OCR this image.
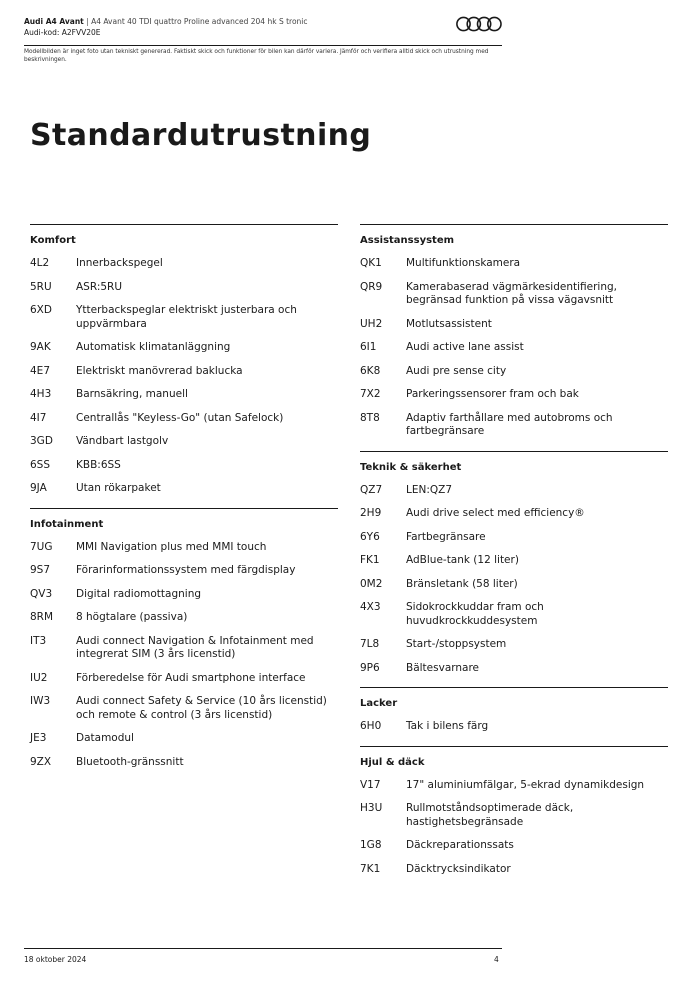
Audi A4 Avant | A4 Avant 40 TDI quattro Proline advanced 204 hk S tronic
Audi-kod: A2FVV20E
Modellbilden är inget foto utan tekniskt genererad. Faktiskt skick och funktioner för bilen kan därför variera. Jämför och verifiera alltid skick och utrustning med beskrivningen.
Standardutrustning
Komfort
4L2	Innerbackspegel
5RU	ASR:5RU
6XD	Ytterbackspeglar elektriskt justerbara och uppvärmbara
9AK	Automatisk klimatanläggning
4E7	Elektriskt manövrerad baklucka
4H3	Barnsäkring, manuell
4I7	Centrallås "Keyless-Go" (utan Safelock)
3GD	Vändbart lastgolv
6SS	KBB:6SS
9JA	Utan rökarpaket
Infotainment
7UG	MMI Navigation plus med MMI touch
9S7	Förarinformationssystem med färgdisplay
QV3	Digital radiomottagning
8RM	8 högtalare (passiva)
IT3	Audi connect Navigation & Infotainment med integrerat SIM (3 års licenstid)
IU2	Förberedelse för Audi smartphone interface
IW3	Audi connect Safety & Service (10 års licenstid) och remote & control (3 års licenstid)
JE3	Datamodul
9ZX	Bluetooth-gränssnitt
Assistanssystem
QK1	Multifunktionskamera
QR9	Kamerabaserad vägmärkesidentifiering, begränsad funktion på vissa vägavsnitt
UH2	Motlutsassistent
6I1	Audi active lane assist
6K8	Audi pre sense city
7X2	Parkeringssensorer fram och bak
8T8	Adaptiv farthållare med autobroms och fartbegränsare
Teknik & säkerhet
QZ7	LEN:QZ7
2H9	Audi drive select med efficiency®
6Y6	Fartbegränsare
FK1	AdBlue-tank (12 liter)
0M2	Bränsletank (58 liter)
4X3	Sidokrockkuddar fram och huvudkrockkuddesystem
7L8	Start-/stoppsystem
9P6	Bältesvarnare
Lacker
6H0	Tak i bilens färg
Hjul & däck
V17	17" aluminiumfälgar, 5-ekrad dynamikdesign
H3U	Rullmotståndsoptimerade däck, hastighetsbegränsade
1G8	Däckreparationssats
7K1	Däcktrycksindikator
18 oktober 2024	4
